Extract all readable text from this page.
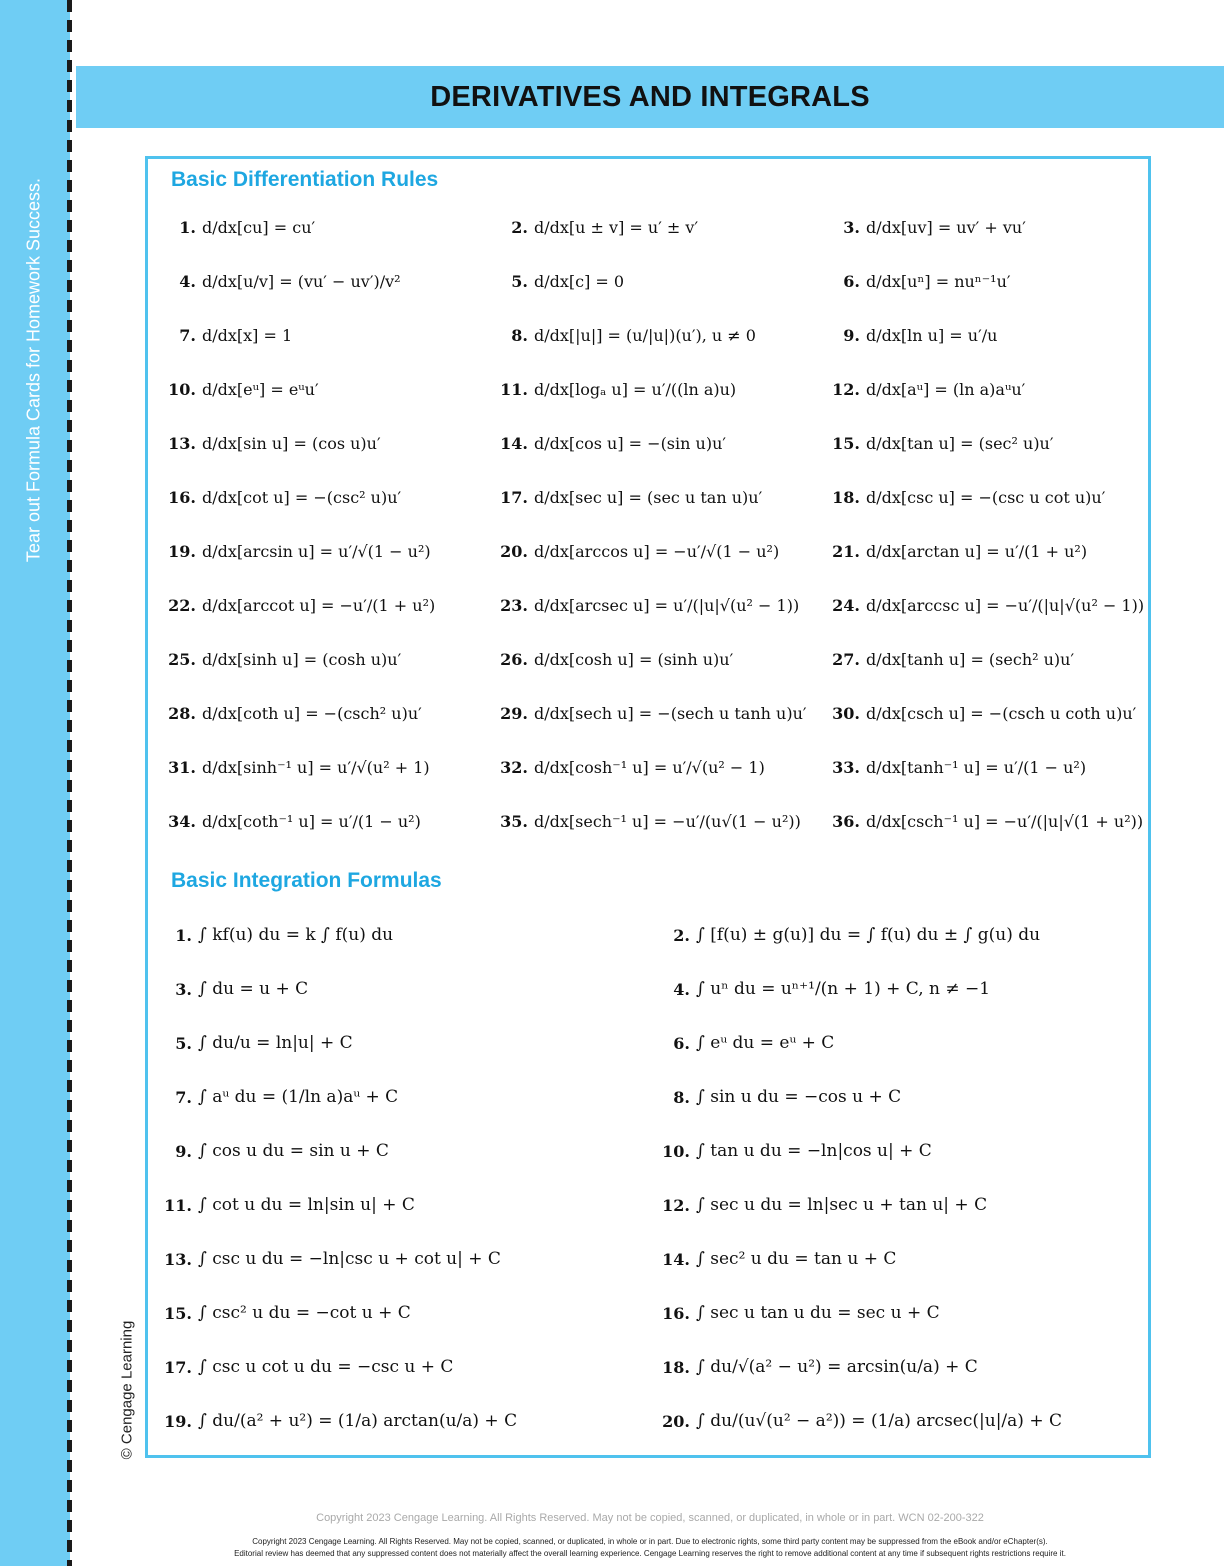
Tear out Formula Cards for Homework Success.
DERIVATIVES AND INTEGRALS
© Cengage Learning
Basic Differentiation Rules
1. d/dx[cu] = cu′	2. d/dx[u ± v] = u′ ± v′	3. d/dx[uv] = uv′ + vu′
4. d/dx[u/v] = (vu′ − uv′)/v²	5. d/dx[c] = 0	6. d/dx[uⁿ] = nuⁿ⁻¹u′
7. d/dx[x] = 1	8. d/dx[|u|] = (u/|u|)(u′), u ≠ 0	9. d/dx[ln u] = u′/u
10. d/dx[eᵘ] = eᵘu′	11. d/dx[logₐ u] = u′/((ln a)u)	12. d/dx[aᵘ] = (ln a)aᵘu′
13. d/dx[sin u] = (cos u)u′	14. d/dx[cos u] = −(sin u)u′	15. d/dx[tan u] = (sec² u)u′
16. d/dx[cot u] = −(csc² u)u′	17. d/dx[sec u] = (sec u tan u)u′	18. d/dx[csc u] = −(csc u cot u)u′
19. d/dx[arcsin u] = u′/√(1 − u²)	20. d/dx[arccos u] = −u′/√(1 − u²)	21. d/dx[arctan u] = u′/(1 + u²)
22. d/dx[arccot u] = −u′/(1 + u²)	23. d/dx[arcsec u] = u′/(|u|√(u² − 1))	24. d/dx[arccsc u] = −u′/(|u|√(u² − 1))
25. d/dx[sinh u] = (cosh u)u′	26. d/dx[cosh u] = (sinh u)u′	27. d/dx[tanh u] = (sech² u)u′
28. d/dx[coth u] = −(csch² u)u′	29. d/dx[sech u] = −(sech u tanh u)u′	30. d/dx[csch u] = −(csch u coth u)u′
31. d/dx[sinh⁻¹ u] = u′/√(u² + 1)	32. d/dx[cosh⁻¹ u] = u′/√(u² − 1)	33. d/dx[tanh⁻¹ u] = u′/(1 − u²)
34. d/dx[coth⁻¹ u] = u′/(1 − u²)	35. d/dx[sech⁻¹ u] = −u′/(u√(1 − u²))	36. d/dx[csch⁻¹ u] = −u′/(|u|√(1 + u²))
Basic Integration Formulas
1. ∫ kf(u) du = k ∫ f(u) du	2. ∫ [f(u) ± g(u)] du = ∫ f(u) du ± ∫ g(u) du
3. ∫ du = u + C	4. ∫ uⁿ du = uⁿ⁺¹/(n + 1) + C, n ≠ −1
5. ∫ du/u = ln|u| + C	6. ∫ eᵘ du = eᵘ + C
7. ∫ aᵘ du = (1/ln a)aᵘ + C	8. ∫ sin u du = −cos u + C
9. ∫ cos u du = sin u + C	10. ∫ tan u du = −ln|cos u| + C
11. ∫ cot u du = ln|sin u| + C	12. ∫ sec u du = ln|sec u + tan u| + C
13. ∫ csc u du = −ln|csc u + cot u| + C	14. ∫ sec² u du = tan u + C
15. ∫ csc² u du = −cot u + C	16. ∫ sec u tan u du = sec u + C
17. ∫ csc u cot u du = −csc u + C	18. ∫ du/√(a² − u²) = arcsin(u/a) + C
19. ∫ du/(a² + u²) = (1/a) arctan(u/a) + C	20. ∫ du/(u√(u² − a²)) = (1/a) arcsec(|u|/a) + C
Copyright 2023 Cengage Learning. All Rights Reserved. May not be copied, scanned, or duplicated, in whole or in part. WCN 02-200-322
Copyright 2023 Cengage Learning. All Rights Reserved. May not be copied, scanned, or duplicated, in whole or in part. Due to electronic rights, some third party content may be suppressed from the eBook and/or eChapter(s).
Editorial review has deemed that any suppressed content does not materially affect the overall learning experience. Cengage Learning reserves the right to remove additional content at any time if subsequent rights restrictions require it.
